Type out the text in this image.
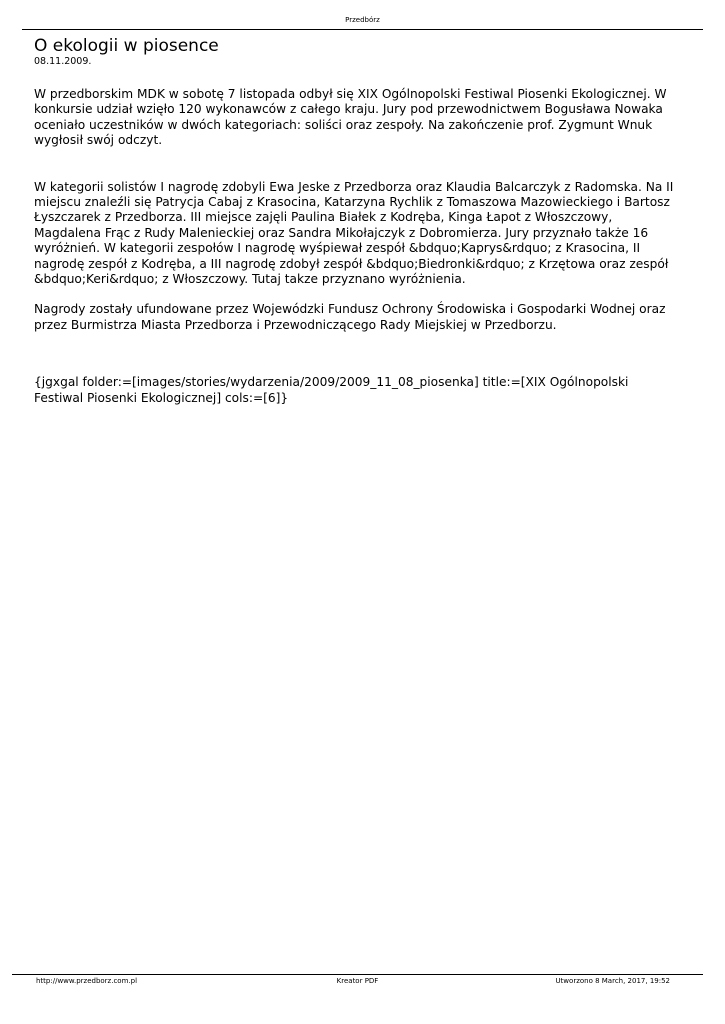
Przedbórz
O ekologii w piosence
08.11.2009.

W przedborskim MDK w sobotę 7 listopada odbył się XIX Ogólnopolski Festiwal Piosenki Ekologicznej. W
konkursie udział wzięło 120 wykonawców z całego kraju. Jury pod przewodnictwem Bogusława Nowaka
oceniało uczestników w dwóch kategoriach: soliści oraz zespoły. Na zakończenie prof. Zygmunt Wnuk
wygłosił swój odczyt.

W kategorii solistów I nagrodę zdobyli Ewa Jeske z Przedborza oraz Klaudia Balcarczyk z Radomska. Na II
miejscu znaleźli się Patrycja Cabaj z Krasocina, Katarzyna Rychlik z Tomaszowa Mazowieckiego i Bartosz
Łyszczarek z Przedborza. III miejsce zajęli Paulina Białek z Kodręba, Kinga Łapot z Włoszczowy,
Magdalena Frąc z Rudy Malenieckiej oraz Sandra Mikołajczyk z Dobromierza. Jury przyznało także 16
wyróżnień. W kategorii zespołów I nagrodę wyśpiewał zespół &bdquo;Kaprys&rdquo; z Krasocina, II
nagrodę zespół z Kodręba, a III nagrodę zdobył zespół &bdquo;Biedronki&rdquo; z Krzętowa oraz zespół
&bdquo;Keri&rdquo; z Włoszczowy. Tutaj takze przyznano wyróżnienia.

Nagrody zostały ufundowane przez Wojewódzki Fundusz Ochrony Środowiska i Gospodarki Wodnej oraz
przez Burmistrza Miasta Przedborza i Przewodniczącego Rady Miejskiej w Przedborzu.

{jgxgal folder:=[images/stories/wydarzenia/2009/2009_11_08_piosenka] title:=[XIX Ogólnopolski
Festiwal Piosenki Ekologicznej] cols:=[6]}

http://www.przedborz.com.pl	Kreator PDF	Utworzono 8 March, 2017, 19:52
